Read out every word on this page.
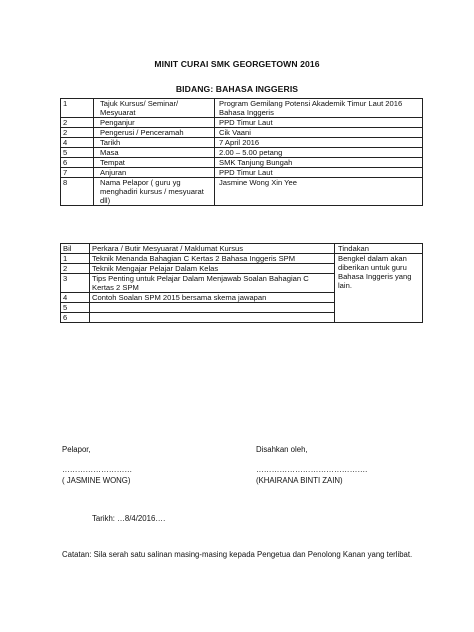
MINIT CURAI SMK GEORGETOWN 2016
BIDANG: BAHASA INGGERIS
1	Tajuk Kursus/ Seminar/ Mesyuarat	Program Gemilang Potensi Akademik Timur Laut 2016 Bahasa Inggeris
2	Penganjur	PPD Timur Laut
2	Pengerusi / Penceramah	Cik Vaani
4	Tarikh	7 April 2016
5	Masa	2.00 – 5.00 petang
6	Tempat	SMK Tanjung Bungah
7	Anjuran	PPD Timur Laut
8	Nama Pelapor ( guru yg menghadiri kursus / mesyuarat dll)	Jasmine Wong Xin Yee
Bil	Perkara / Butir Mesyuarat / Maklumat Kursus	Tindakan
1	Teknik Menanda Bahagian C Kertas 2 Bahasa Inggeris SPM	Bengkel dalam akan diberikan untuk guru Bahasa Inggeris yang lain.
2	Teknik Mengajar Pelajar Dalam Kelas	
3	Tips Penting untuk Pelajar Dalam Menjawab Soalan Bahagian C Kertas 2 SPM	
4	Contoh Soalan SPM 2015 bersama skema jawapan	
5		
6		
Pelapor,
………………………
( JASMINE WONG)
Disahkan oleh,
…………………………………….
(KHAIRANA BINTI ZAIN)
Tarikh: …8/4/2016….
Catatan: Sila serah satu salinan masing-masing kepada Pengetua dan Penolong Kanan yang terlibat.
